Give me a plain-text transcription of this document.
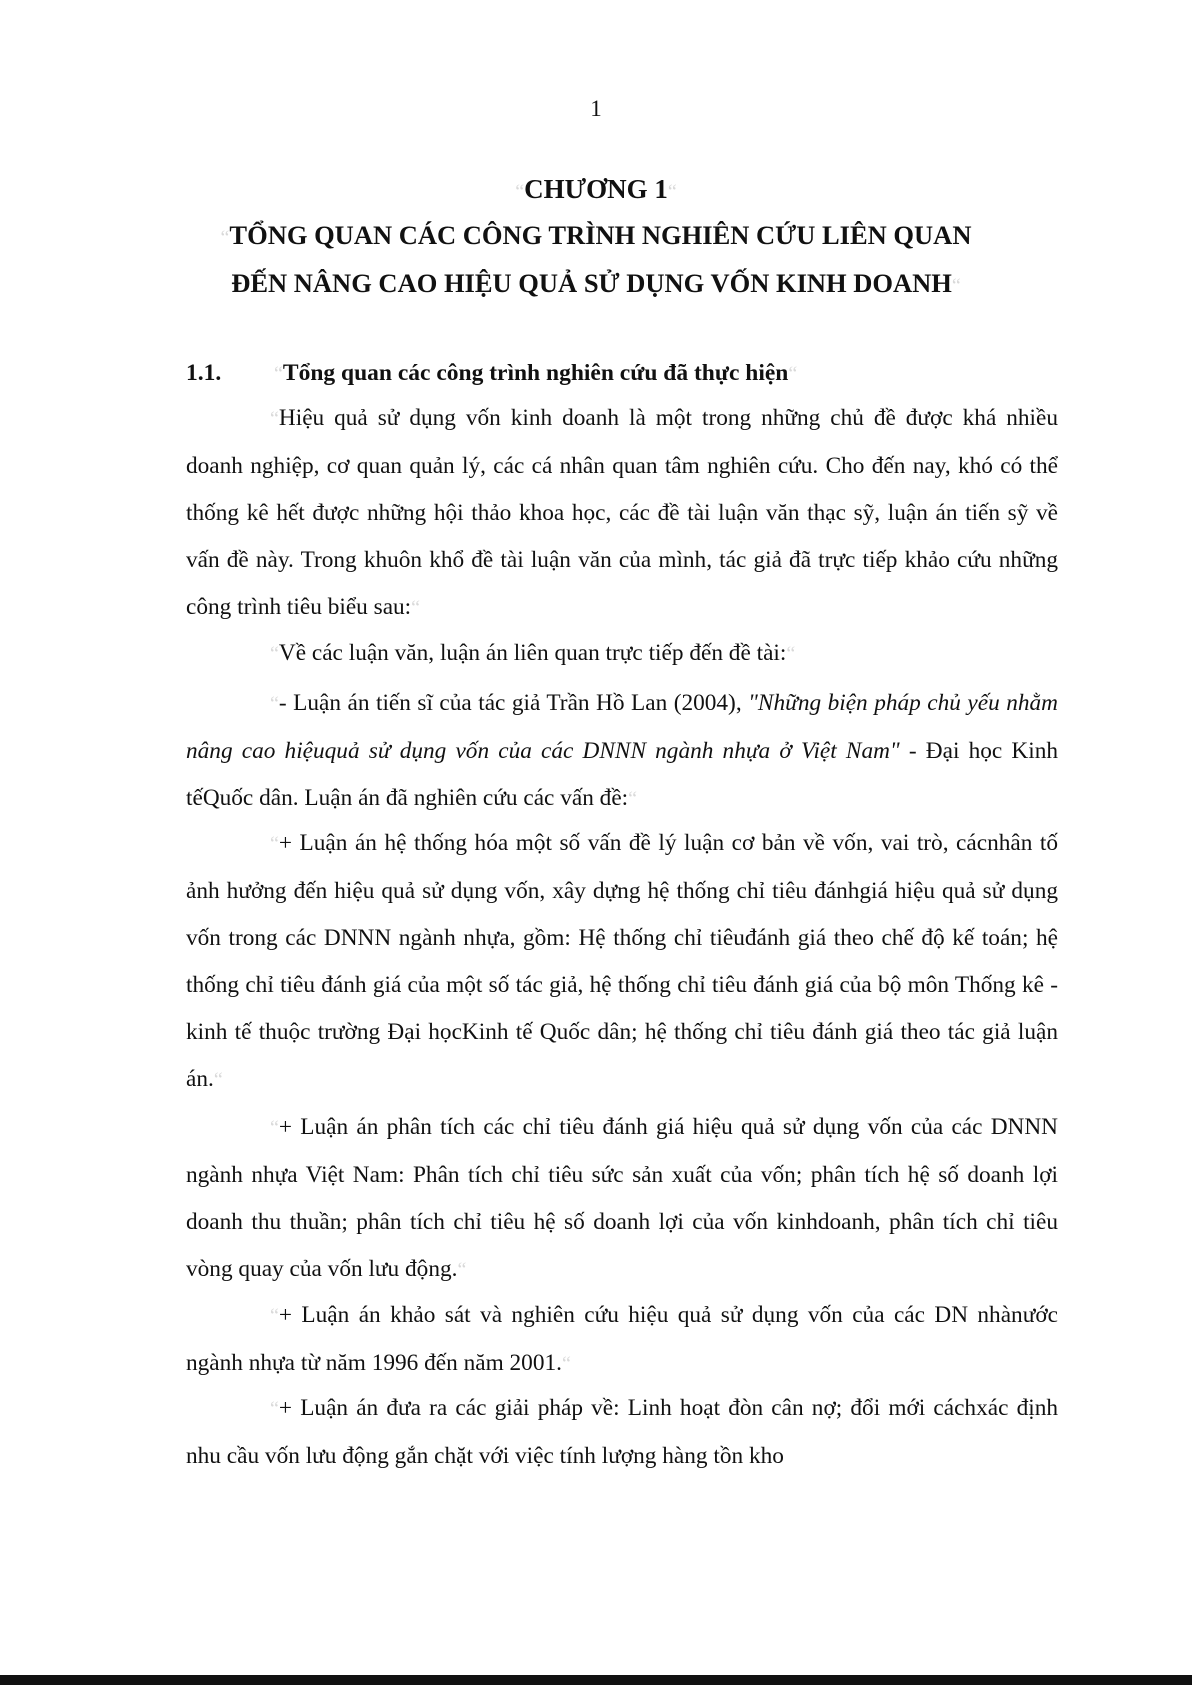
1
“CHƯƠNG 1“
“TỔNG QUAN CÁC CÔNG TRÌNH NGHIÊN CỨU LIÊN QUAN
ĐẾN NÂNG CAO HIỆU QUẢ SỬ DỤNG VỐN KINH DOANH“
1.1.	“Tổng quan các công trình nghiên cứu đã thực hiện“

“Hiệu quả sử dụng vốn kinh doanh là một trong những chủ đề được khá nhiều doanh nghiệp, cơ quan quản lý, các cá nhân quan tâm nghiên cứu. Cho đến nay, khó có thể thống kê hết được những hội thảo khoa học, các đề tài luận văn thạc sỹ, luận án tiến sỹ về vấn đề này. Trong khuôn khổ đề tài luận văn của mình, tác giả đã trực tiếp khảo cứu những công trình tiêu biểu sau:“

“Về các luận văn, luận án liên quan trực tiếp đến đề tài:“

“- Luận án tiến sĩ của tác giả Trần Hồ Lan (2004), "Những biện pháp chủ yếu nhằm nâng cao hiệuquả sử dụng vốn của các DNNN ngành nhựa ở Việt Nam" - Đại học Kinh tếQuốc dân. Luận án đã nghiên cứu các vấn đề:“

“+ Luận án hệ thống hóa một số vấn đề lý luận cơ bản về vốn, vai trò, cácnhân tố ảnh hưởng đến hiệu quả sử dụng vốn, xây dựng hệ thống chỉ tiêu đánhgiá hiệu quả sử dụng vốn trong các DNNN ngành nhựa, gồm: Hệ thống chỉ tiêuđánh giá theo chế độ kế toán; hệ thống chỉ tiêu đánh giá của một số tác giả, hệ thống chỉ tiêu đánh giá của bộ môn Thống kê - kinh tế thuộc trường Đại họcKinh tế Quốc dân; hệ thống chỉ tiêu đánh giá theo tác giả luận án.“

“+ Luận án phân tích các chỉ tiêu đánh giá hiệu quả sử dụng vốn của các DNNN ngành nhựa Việt Nam: Phân tích chỉ tiêu sức sản xuất của vốn; phân tích hệ số doanh lợi doanh thu thuần; phân tích chỉ tiêu hệ số doanh lợi của vốn kinhdoanh, phân tích chỉ tiêu vòng quay của vốn lưu động.“

“+ Luận án khảo sát và nghiên cứu hiệu quả sử dụng vốn của các DN nhànước ngành nhựa từ năm 1996 đến năm 2001.“

“+ Luận án đưa ra các giải pháp về: Linh hoạt đòn cân nợ; đổi mới cáchxác định nhu cầu vốn lưu động gắn chặt với việc tính lượng hàng tồn kho
